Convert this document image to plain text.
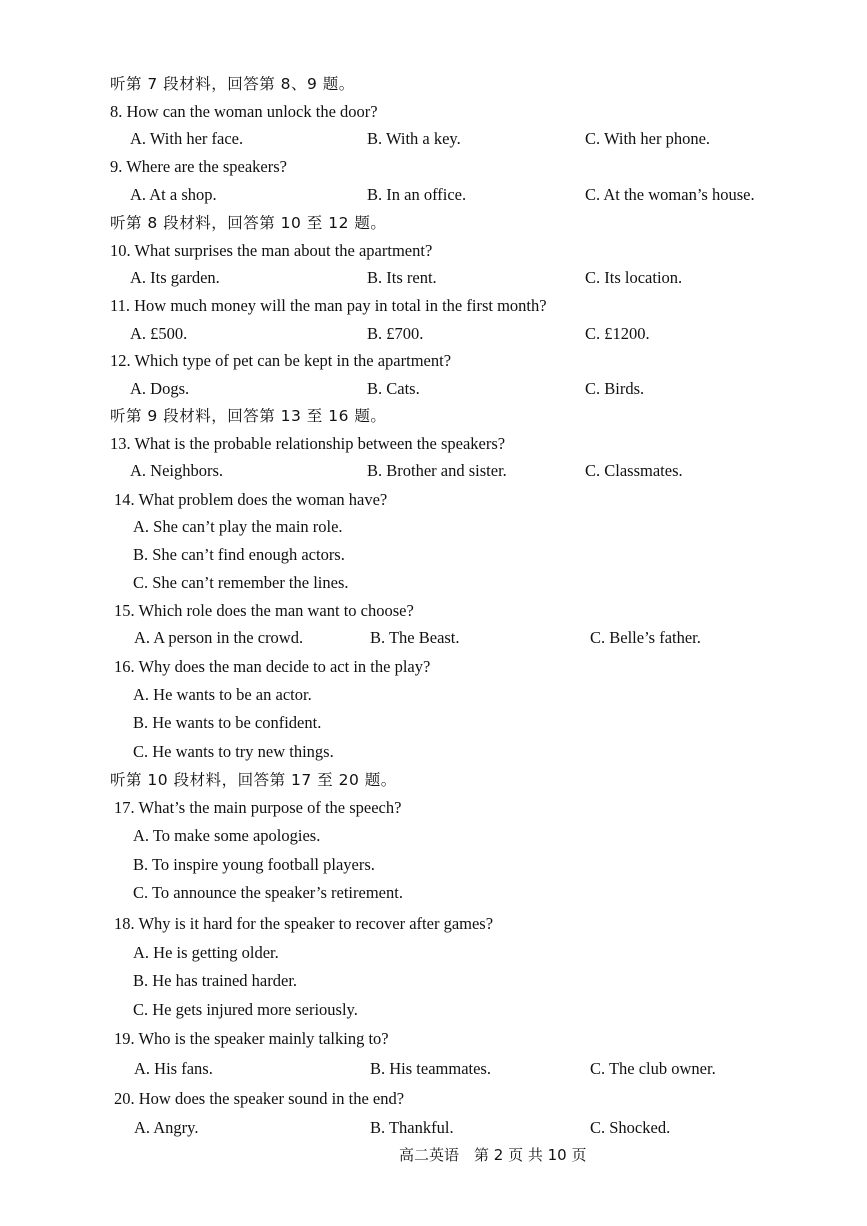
听第 7 段材料，回答第 8、9 题。
8. How can the woman unlock the door?
A. With her face.	B. With a key.	C. With her phone.
9. Where are the speakers?
A. At a shop.	B. In an office.	C. At the woman’s house.
听第 8 段材料，回答第 10 至 12 题。
10. What surprises the man about the apartment?
A. Its garden.	B. Its rent.	C. Its location.
11. How much money will the man pay in total in the first month?
A. £500.	B. £700.	C. £1200.
12. Which type of pet can be kept in the apartment?
A. Dogs.	B. Cats.	C. Birds.
听第 9 段材料，回答第 13 至 16 题。
13. What is the probable relationship between the speakers?
A. Neighbors.	B. Brother and sister.	C. Classmates.
14. What problem does the woman have?
A. She can’t play the main role.
B. She can’t find enough actors.
C. She can’t remember the lines.
15. Which role does the man want to choose?
A. A person in the crowd.	B. The Beast.	C. Belle’s father.
16. Why does the man decide to act in the play?
A. He wants to be an actor.
B. He wants to be confident.
C. He wants to try new things.
听第 10 段材料，回答第 17 至 20 题。
17. What’s the main purpose of the speech?
A. To make some apologies.
B. To inspire young football players.
C. To announce the speaker’s retirement.
18. Why is it hard for the speaker to recover after games?
A. He is getting older.
B. He has trained harder.
C. He gets injured more seriously.
19. Who is the speaker mainly talking to?
A. His fans.	B. His teammates.	C. The club owner.
20. How does the speaker sound in the end?
A. Angry.	B. Thankful.	C. Shocked.
高二英语　第 2 页 共 10 页
